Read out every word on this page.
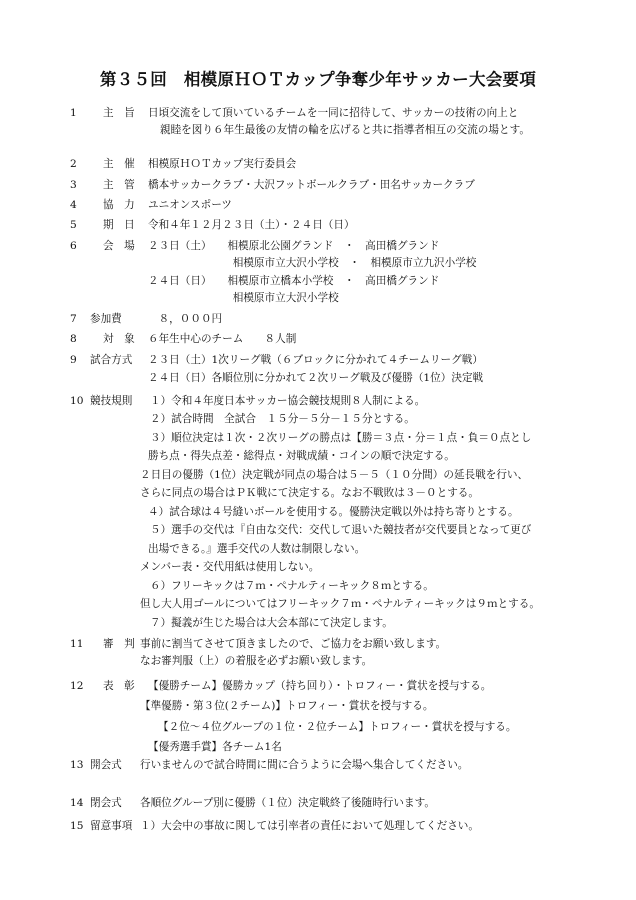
第３５回　相模原ＨＯＴカップ争奪少年サッカー大会要項
1	主　旨	日頃交流をして頂いているチームを一同に招待して、サッカーの技術の向上と
親睦を図り６年生最後の友情の輪を広げると共に指導者相互の交流の場とす。
2	主　催	相模原ＨＯＴカップ実行委員会
3	主　管	橋本サッカークラブ・大沢フットボールクラブ・田名サッカークラブ
4	協　力	ユニオンスポーツ
5	期　日	令和４年１２月２３日（土）・２４日（日）
6	会　場	２３日（土）　　相模原北公園グランド　・　高田橋グランド
　　　　　　　　相模原市立大沢小学校　・　相模原市立九沢小学校
２４日（日）　　相模原市立橋本小学校　・　高田橋グランド
　　　　　　　　相模原市立大沢小学校
7	参加費	　８，０００円
8	対　象	６年生中心のチーム　　８人制
9	試合方式	２３日（土）1次リーグ戦（６ブロックに分かれて４チームリーグ戦）
２４日（日）各順位別に分かれて２次リーグ戦及び優勝（1位）決定戦
10 競技規則	１）令和４年度日本サッカー協会競技規則８人制による。
２）試合時間　全試合　１５分－５分－１５分とする。
３）順位決定は１次・２次リーグの勝点は【勝＝３点・分＝１点・負＝０点とし
勝ち点・得失点差・総得点・対戦成績・コインの順で決定する。
２日目の優勝（1位）決定戦が同点の場合は５－５（１０分間）の延長戦を行い、
さらに同点の場合はＰＫ戦にて決定する。なお不戦敗は３－０とする。
４）試合球は４号縫いボールを使用する。優勝決定戦以外は持ち寄りとする。
５）選手の交代は『自由な交代：交代して退いた競技者が交代要員となって更び
出場できる。』選手交代の人数は制限しない。
メンバー表・交代用紙は使用しない。
６）フリーキックは７ｍ・ペナルティーキック８ｍとする。
但し大人用ゴールについてはフリーキック７ｍ・ペナルティーキックは９ｍとする。
７）擬義が生じた場合は大会本部にて決定します。
11	審　判 事前に割当てさせて頂きましたので、ご協力をお願い致します。
なお審判服（上）の着服を必ずお願い致します。
12	表　彰	【優勝チーム】優勝カップ（持ち回り）・トロフィー・賞状を授与する。
【準優勝・第３位(２チーム)】トロフィー・賞状を授与する。
【２位～４位グループの１位・２位チーム】トロフィー・賞状を授与する。
【優秀選手賞】各チーム1名
13 開会式	行いませんので試合時間に間に合うように会場へ集合してください。
14 閉会式	各順位グループ別に優勝（１位）決定戦終了後随時行います。
15 留意事項 １）大会中の事故に関しては引率者の責任において処理してください。
